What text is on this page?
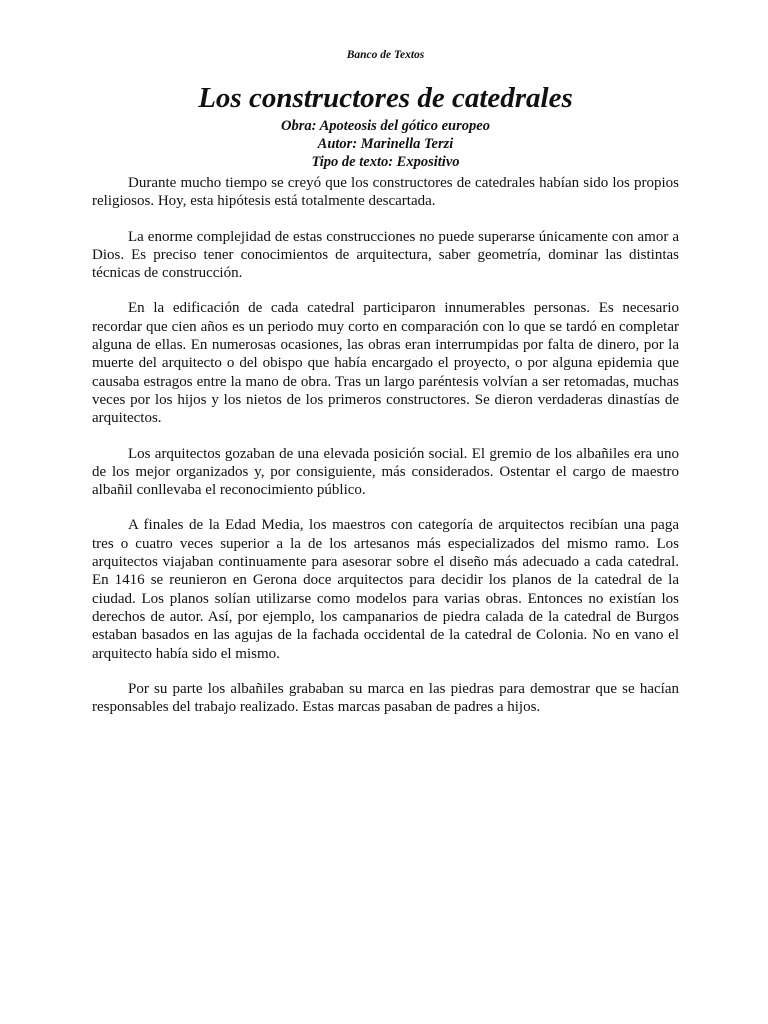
Banco de Textos
Los constructores de catedrales
Obra: Apoteosis del gótico europeo
Autor: Marinella Terzi
Tipo de texto: Expositivo

Durante mucho tiempo se creyó que los constructores de catedrales habían sido los propios religiosos. Hoy, esta hipótesis está totalmente descartada.

La enorme complejidad de estas construcciones no puede superarse únicamente con amor a Dios. Es preciso tener conocimientos de arquitectura, saber geometría, dominar las distintas técnicas de construcción.

En la edificación de cada catedral participaron innumerables personas. Es necesario recordar que cien años es un periodo muy corto en comparación con lo que se tardó en completar alguna de ellas. En numerosas ocasiones, las obras eran interrumpidas por falta de dinero, por la muerte del arquitecto o del obispo que había encargado el proyecto, o por alguna epidemia que causaba estragos entre la mano de obra. Tras un largo paréntesis volvían a ser retomadas, muchas veces por los hijos y los nietos de los primeros constructores. Se dieron verdaderas dinastías de arquitectos.

Los arquitectos gozaban de una elevada posición social. El gremio de los albañiles era uno de los mejor organizados y, por consiguiente, más considerados. Ostentar el cargo de maestro albañil conllevaba el reconocimiento público.

A finales de la Edad Media, los maestros con categoría de arquitectos recibían una paga tres o cuatro veces superior a la de los artesanos más especializados del mismo ramo. Los arquitectos viajaban continuamente para asesorar sobre el diseño más adecuado a cada catedral. En 1416 se reunieron en Gerona doce arquitectos para decidir los planos de la catedral de la ciudad. Los planos solían utilizarse como modelos para varias obras. Entonces no existían los derechos de autor. Así, por ejemplo, los campanarios de piedra calada de la catedral de Burgos estaban basados en las agujas de la fachada occidental de la catedral de Colonia. No en vano el arquitecto había sido el mismo.

Por su parte los albañiles grababan su marca en las piedras para demostrar que se hacían responsables del trabajo realizado. Estas marcas pasaban de padres a hijos.
